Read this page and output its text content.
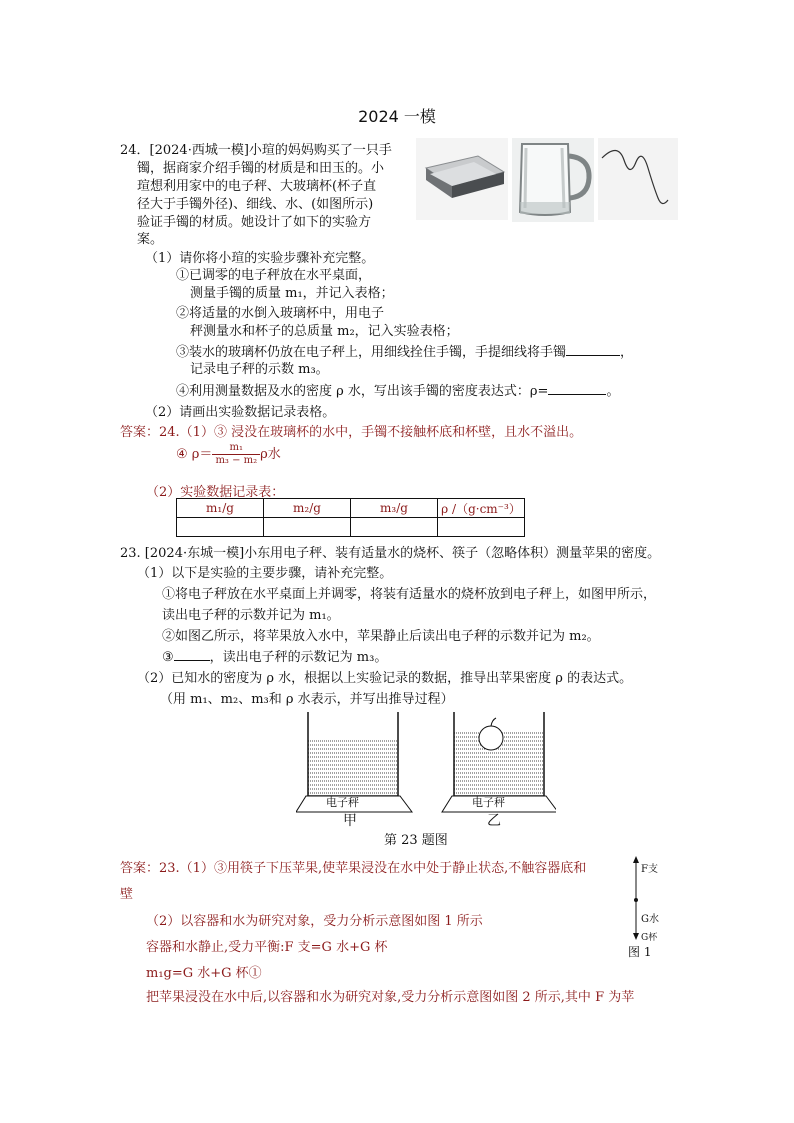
2024 一模
24．[2024·西城一模]小瑄的妈妈购买了一只手
镯，据商家介绍手镯的材质是和田玉的。小
瑄想利用家中的电子秤、大玻璃杯(杯子直
径大于手镯外径)、细线、水、(如图所示)
验证手镯的材质。她设计了如下的实验方
案。
（1）请你将小瑄的实验步骤补充完整。
①已调零的电子秤放在水平桌面，
测量手镯的质量 m₁，并记入表格；
②将适量的水倒入玻璃杯中，用电子
秤测量水和杯子的总质量 m₂，记入实验表格；
③装水的玻璃杯仍放在电子秤上，用细线拴住手镯，手提细线将手镯	，
记录电子秤的示数 m₃。
④利用测量数据及水的密度 ρ 水，写出该手镯的密度表达式：ρ=	。
（2）请画出实验数据记录表格。
答案：24.（1）③ 浸没在玻璃杯的水中，手镯不接触杯底和杯壁，且水不溢出。
④ $\rho= \frac{\text{m₁}}{\text{m₃ − m₂}}$ ρ水
（2）实验数据记录表：
m₁/g	m₂/g	m₃/g	ρ /（g·cm⁻³）

23. [2024·东城一模]小东用电子秤、装有适量水的烧杯、筷子（忽略体积）测量苹果的密度。
（1）以下是实验的主要步骤，请补充完整。
①将电子秤放在水平桌面上并调零，将装有适量水的烧杯放到电子秤上，如图甲所示，
读出电子秤的示数并记为 m₁。
②如图乙所示，将苹果放入水中，苹果静止后读出电子秤的示数并记为 m₂。
③	，读出电子秤的示数记为 m₃。
（2）已知水的密度为 ρ 水，根据以上实验记录的数据，推导出苹果密度 ρ 的表达式。
（用 m₁、m₂、m₃和 ρ 水表示，并写出推导过程）
电子秤	电子秤
甲	乙
第 23 题图
答案：23.（1）③用筷子下压苹果,使苹果浸没在水中处于静止状态,不触容器底和
壁
（2）以容器和水为研究对象，受力分析示意图如图 1 所示
容器和水静止,受力平衡:F 支=G 水+G 杯
m₁g=G 水+G 杯①
把苹果浸没在水中后,以容器和水为研究对象,受力分析示意图如图 2 所示,其中 F 为苹
F支
G水
G杯
图 1
